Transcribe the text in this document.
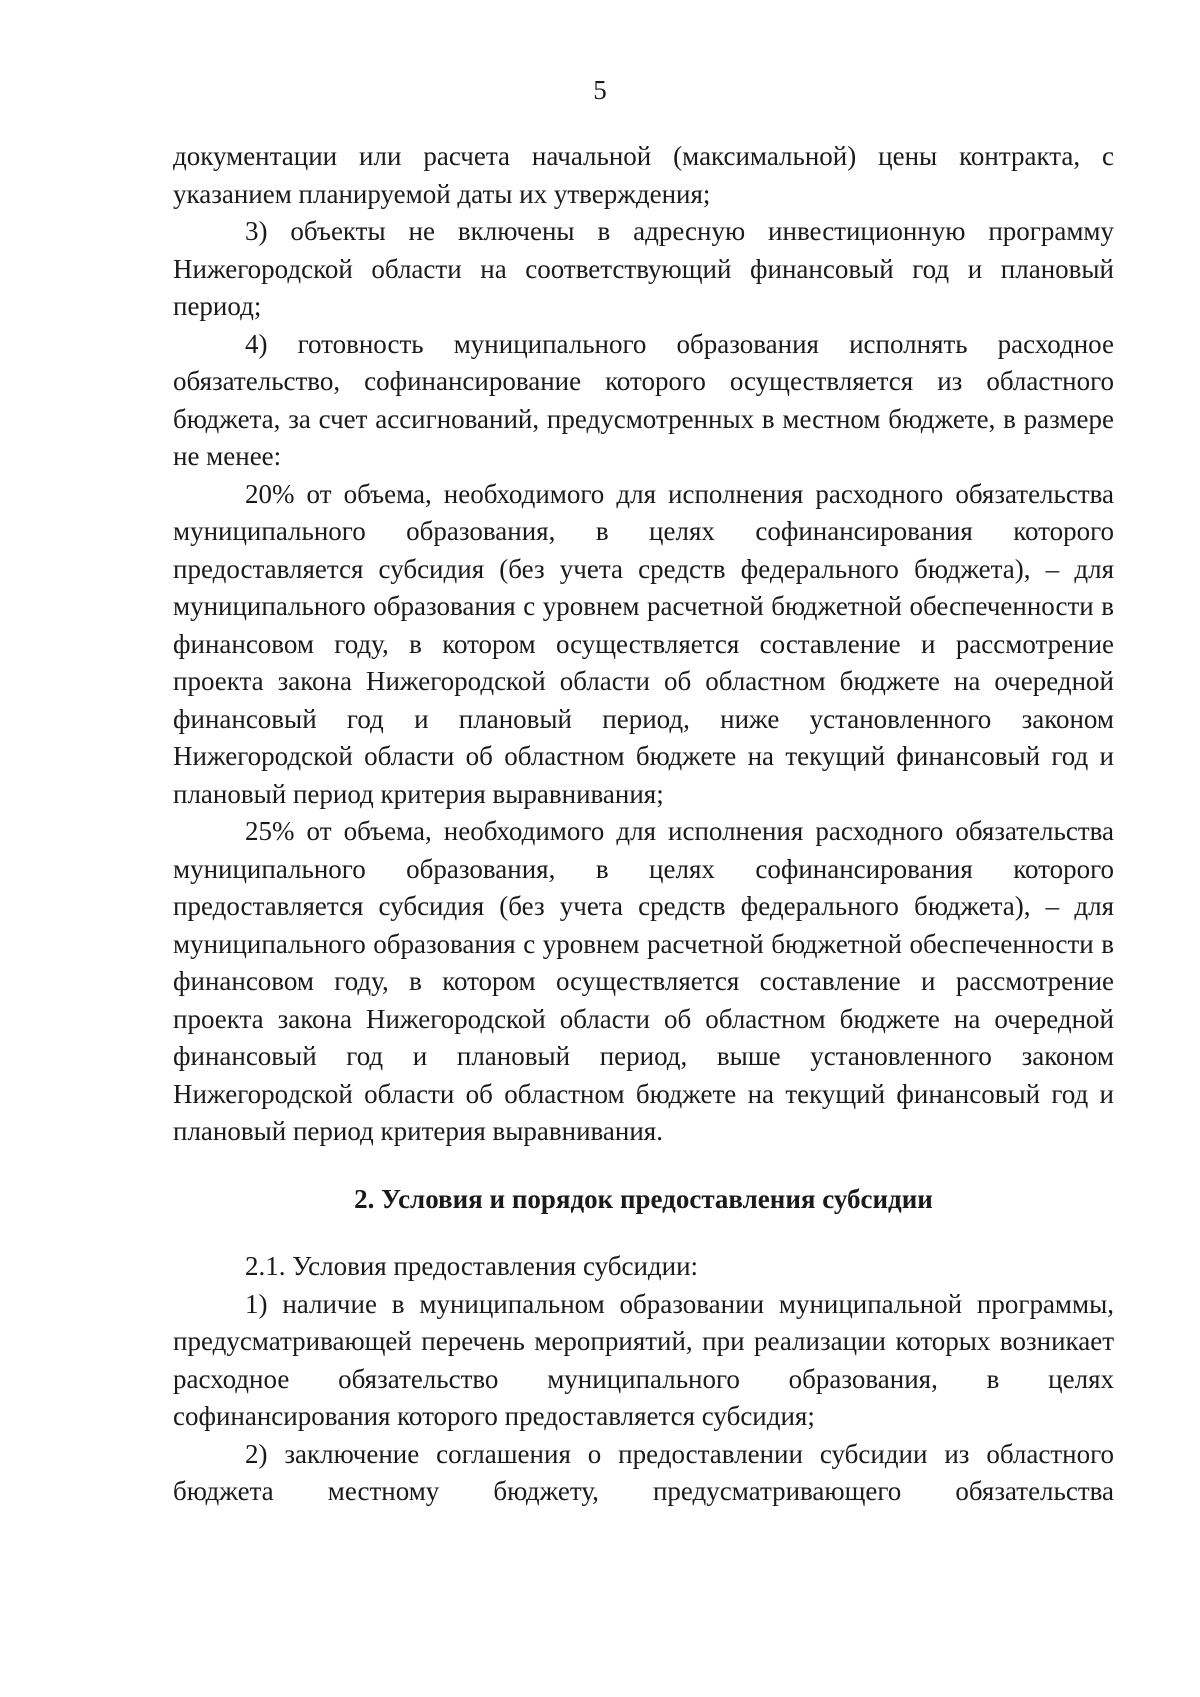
5

документации или расчета начальной (максимальной) цены контракта, с указанием планируемой даты их утверждения;

3) объекты не включены в адресную инвестиционную программу Нижегородской области на соответствующий финансовый год и плановый период;

4) готовность муниципального образования исполнять расходное обязательство, софинансирование которого осуществляется из областного бюджета, за счет ассигнований, предусмотренных в местном бюджете, в размере не менее:

20% от объема, необходимого для исполнения расходного обязательства муниципального образования, в целях софинансирования которого предоставляется субсидия (без учета средств федерального бюджета), – для муниципального образования с уровнем расчетной бюджетной обеспеченности в финансовом году, в котором осуществляется составление и рассмотрение проекта закона Нижегородской области об областном бюджете на очередной финансовый год и плановый период, ниже установленного законом Нижегородской области об областном бюджете на текущий финансовый год и плановый период критерия выравнивания;

25% от объема, необходимого для исполнения расходного обязательства муниципального образования, в целях софинансирования которого предоставляется субсидия (без учета средств федерального бюджета), – для муниципального образования с уровнем расчетной бюджетной обеспеченности в финансовом году, в котором осуществляется составление и рассмотрение проекта закона Нижегородской области об областном бюджете на очередной финансовый год и плановый период, выше установленного законом Нижегородской области об областном бюджете на текущий финансовый год и плановый период критерия выравнивания.

2. Условия и порядок предоставления субсидии

2.1. Условия предоставления субсидии:

1) наличие в муниципальном образовании муниципальной программы, предусматривающей перечень мероприятий, при реализации которых возникает расходное обязательство муниципального образования, в целях софинансирования которого предоставляется субсидия;

2) заключение соглашения о предоставлении субсидии из областного бюджета местному бюджету, предусматривающего обязательства
